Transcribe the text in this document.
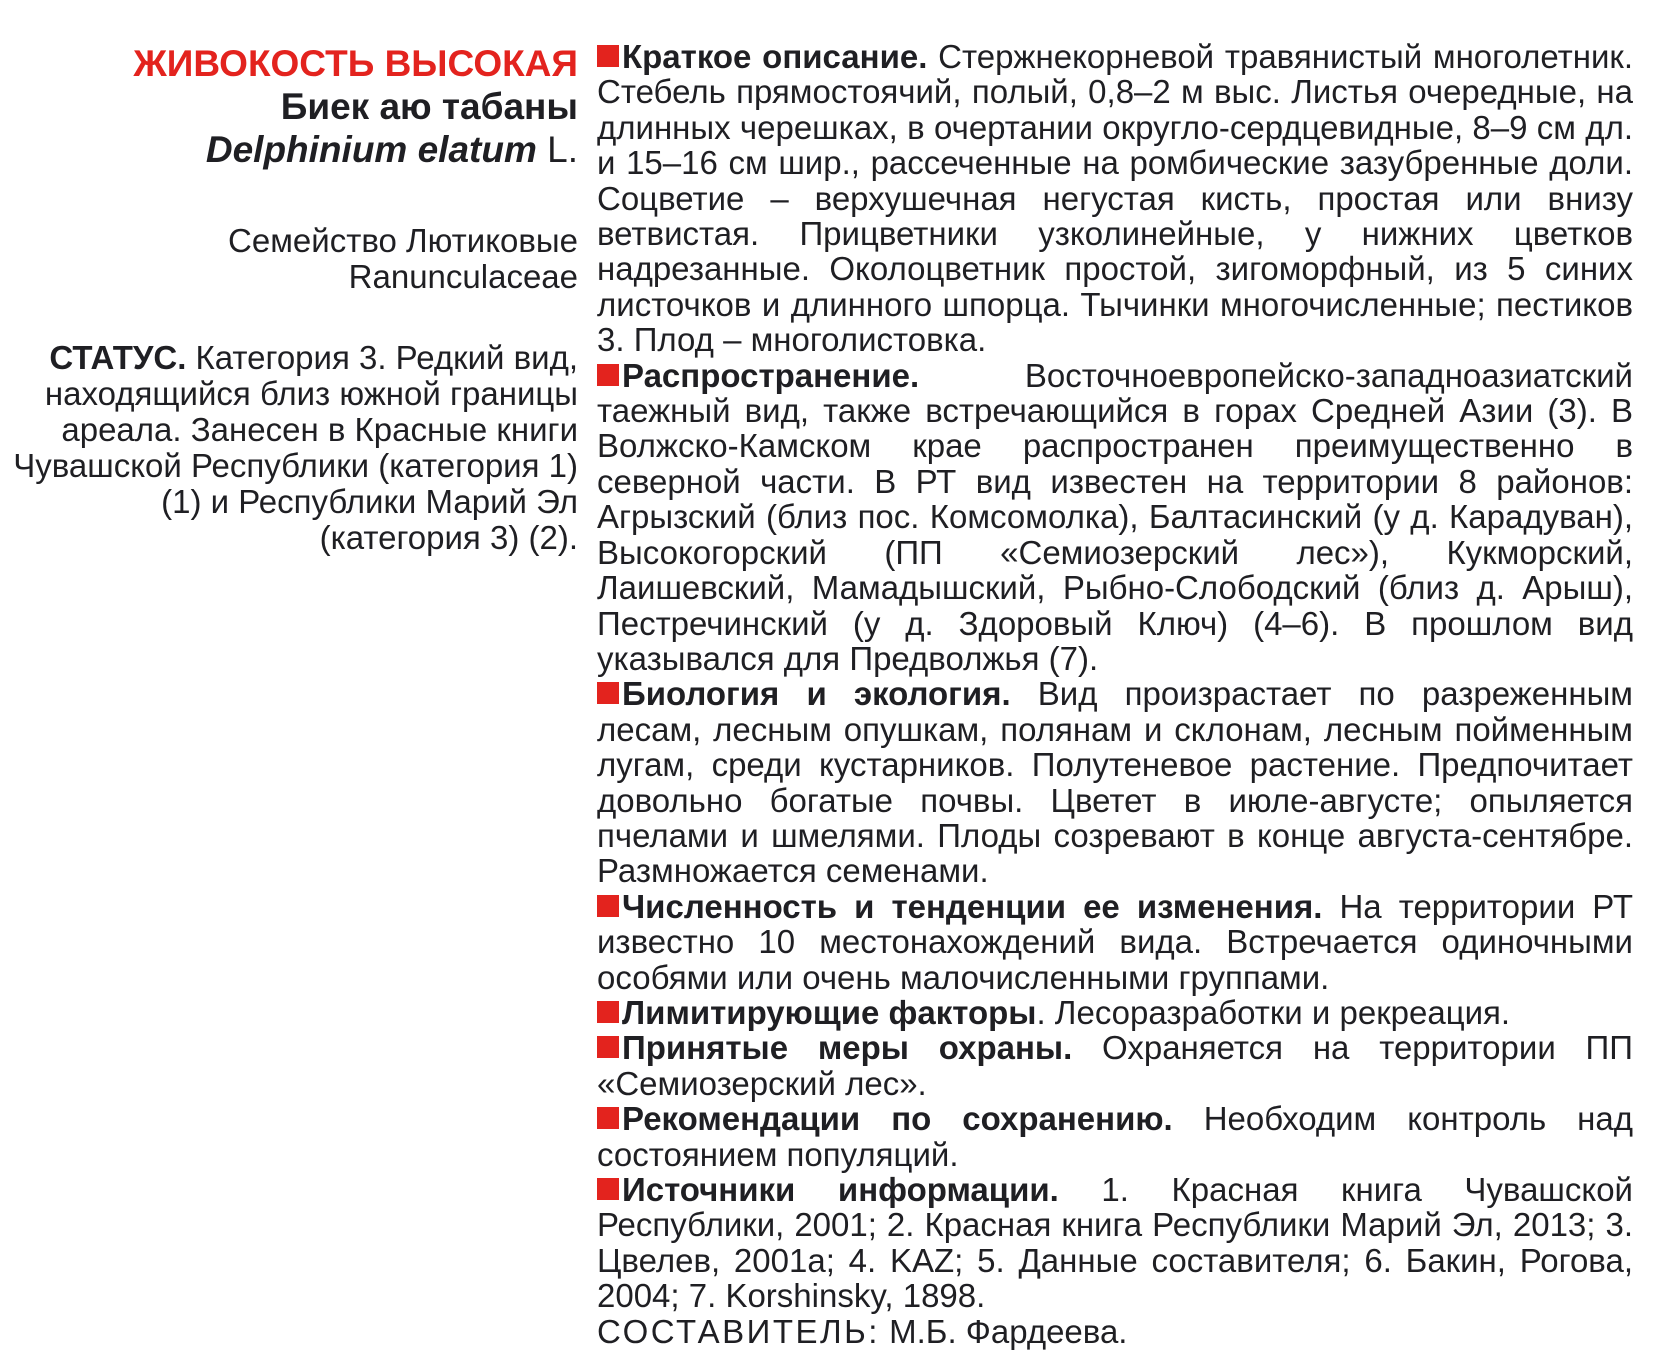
ЖИВОКОСТЬ ВЫСОКАЯ
Биек аю табаны
Delphinium elatum L.
Семейство Лютиковые
Ranunculaceae

СТАТУС. Категория 3. Редкий вид, находящийся близ южной границы ареала. Занесен в Красные книги Чувашской Республики (категория 1) (1) и Республики Марий Эл (категория 3) (2).

Краткое описание. Стержнекорневой травянистый многолетник. Стебель прямостоячий, полый, 0,8–2 м выс. Листья очередные, на длинных черешках, в очертании округло-сердцевидные, 8–9 см дл. и 15–16 см шир., рассеченные на ромбические зазубренные доли. Соцветие – верхушечная негустая кисть, простая или внизу ветвистая. Прицветники узколинейные, у нижних цветков надрезанные. Околоцветник простой, зигоморфный, из 5 синих листочков и длинного шпорца. Тычинки многочисленные; пестиков 3. Плод – многолистовка.

Распространение. Восточноевропейско-западноазиатский таежный вид, также встречающийся в горах Средней Азии (3). В Волжско-Камском крае распространен преимущественно в северной части. В РТ вид известен на территории 8 районов: Агрызский (близ пос. Комсомолка), Балтасинский (у д. Карадуван), Высокогорский (ПП «Семиозерский лес»), Кукморский, Лаишевский, Мамадышский, Рыбно-Слободский (близ д. Арыш), Пестречинский (у д. Здоровый Ключ) (4–6). В прошлом вид указывался для Предволжья (7).

Биология и экология. Вид произрастает по разреженным лесам, лесным опушкам, полянам и склонам, лесным пойменным лугам, среди кустарников. Полутеневое растение. Предпочитает довольно богатые почвы. Цветет в июле-августе; опыляется пчелами и шмелями. Плоды созревают в конце августа-сентябре. Размножается семенами.

Численность и тенденции ее изменения. На территории РТ известно 10 местонахождений вида. Встречается одиночными особями или очень малочисленными группами.

Лимитирующие факторы. Лесоразработки и рекреация.

Принятые меры охраны. Охраняется на территории ПП «Семиозерский лес».

Рекомендации по сохранению. Необходим контроль над состоянием популяций.

Источники информации. 1. Красная книга Чувашской Республики, 2001; 2. Красная книга Республики Марий Эл, 2013; 3. Цвелев, 2001а; 4. KAZ; 5. Данные составителя; 6. Бакин, Рогова, 2004; 7. Korshinsky, 1898.

СОСТАВИТЕЛЬ: М.Б. Фардеева.
